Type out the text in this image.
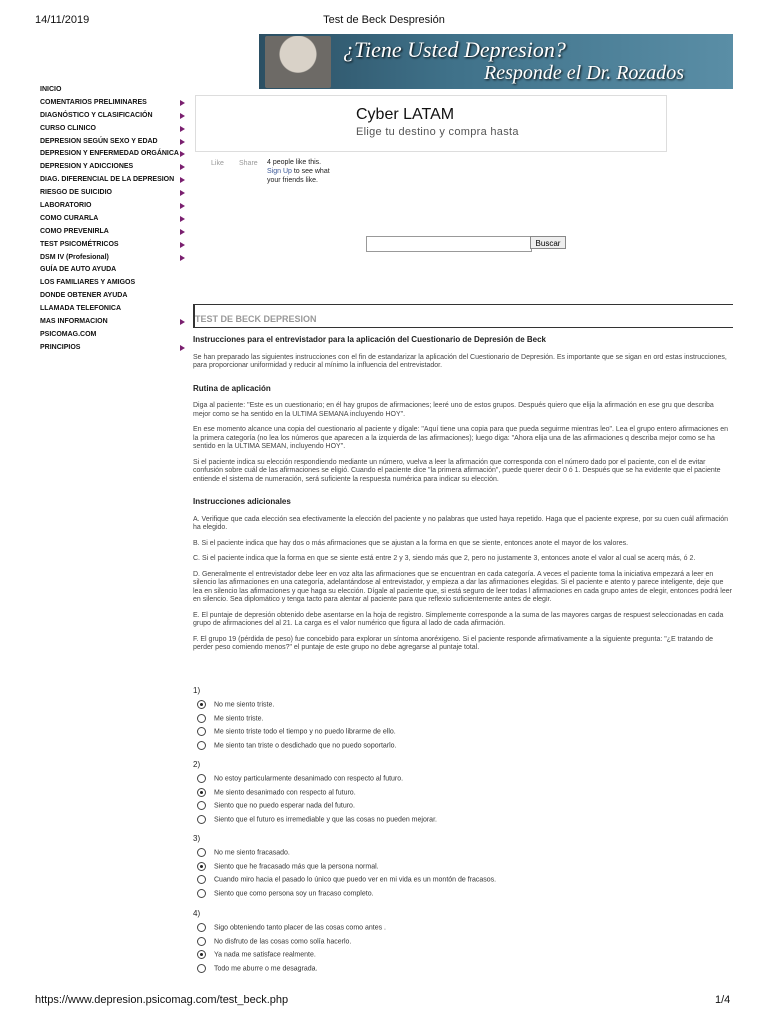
14/11/2019	Test de Beck Despresión
¿Tiene Usted Depresion?
Responde el Dr. Rozados
INICIO
COMENTARIOS PRELIMINARES
DIAGNÓSTICO Y CLASIFICACIÓN
CURSO CLINICO
DEPRESION SEGÚN SEXO Y EDAD
DEPRESION Y ENFERMEDAD ORGÁNICA
DEPRESION Y ADICCIONES
DIAG. DIFERENCIAL DE LA DEPRESION
RIESGO DE SUICIDIO
LABORATORIO
COMO CURARLA
COMO PREVENIRLA
TEST PSICOMÉTRICOS
DSM IV (Profesional)
GUÍA DE AUTO AYUDA
LOS FAMILIARES Y AMIGOS
DONDE OBTENER AYUDA
LLAMADA TELEFONICA
MAS INFORMACION
PSICOMAG.COM
PRINCIPIOS
Cyber LATAM
Elige tu destino y compra hasta
Like Share 4 people like this.
Sign Up to see what
your friends like.
Buscar
TEST DE BECK DEPRESION
Instrucciones para el entrevistador para la aplicación del Cuestionario de Depresión de Beck

Se han preparado las siguientes instrucciones con el fin de estandarizar la aplicación del Cuestionario de Depresión. Es importante que se sigan en ord estas instrucciones, para proporcionar uniformidad y reducir al mínimo la influencia del entrevistador.

Rutina de aplicación

Diga al paciente: "Este es un cuestionario; en él hay grupos de afirmaciones; leeré uno de estos grupos. Después quiero que elija la afirmación en ese gru que describa mejor como se ha sentido en la ULTIMA SEMANA incluyendo HOY".

En ese momento alcance una copia del cuestionario al paciente y dígale: "Aquí tiene una copia para que pueda seguirme mientras leo". Lea el grupo entero afirmaciones en la primera categoría (no lea los números que aparecen a la izquierda de las afirmaciones); luego diga: "Ahora elija una de las afirmaciones q describa mejor como se ha sentido en la ULTIMA SEMAN, incluyendo HOY".

Si el paciente indica su elección respondiendo mediante un número, vuelva a leer la afirmación que corresponda con el número dado por el paciente, con el de evitar confusión sobre cuál de las afirmaciones se eligió. Cuando el paciente dice "la primera afirmación", puede querer decir 0 ó 1. Después que se ha evidente que el paciente entiende el sistema de numeración, será suficiente la respuesta numérica para indicar su elección.

Instrucciones adicionales

A. Verifique que cada elección sea efectivamente la elección del paciente y no palabras que usted haya repetido. Haga que el paciente exprese, por su cuen cuál afirmación ha elegido.

B. Si el paciente indica que hay dos o más afirmaciones que se ajustan a la forma en que se siente, entonces anote el mayor de los valores.

C. Si el paciente indica que la forma en que se siente está entre 2 y 3, siendo más que 2, pero no justamente 3, entonces anote el valor al cual se acerq más, ó 2.

D. Generalmente el entrevistador debe leer en voz alta las afirmaciones que se encuentran en cada categoría. A veces el paciente toma la iniciativa empezará a leer en silencio las afirmaciones en una categoría, adelantándose al entrevistador, y empieza a dar las afirmaciones elegidas. Si el paciente e atento y parece inteligente, deje que lea en silencio las afirmaciones y que haga su elección. Dígale al paciente que, si está seguro de leer todas l afirmaciones en cada grupo antes de elegir, entonces podrá leer en silencio. Sea diplomático y tenga tacto para alentar al paciente para que reflexio suficientemente antes de elegir.

E. El puntaje de depresión obtenido debe asentarse en la hoja de registro. Simplemente corresponde a la suma de las mayores cargas de respuest seleccionadas en cada grupo de afirmaciones del al 21. La carga es el valor numérico que figura al lado de cada afirmación.

F. El grupo 19 (pérdida de peso) fue concebido para explorar un síntoma anoréxigeno. Si el paciente responde afirmativamente a la siguiente pregunta: "¿E tratando de perder peso comiendo menos?" el puntaje de este grupo no debe agregarse al puntaje total.

1)
No me siento triste.
Me siento triste.
Me siento triste todo el tiempo y no puedo librarme de ello.
Me siento tan triste o desdichado que no puedo soportarlo.
2)
No estoy particularmente desanimado con respecto al futuro.
Me siento desanimado con respecto al futuro.
Siento que no puedo esperar nada del futuro.
Siento que el futuro es irremediable y que las cosas no pueden mejorar.
3)
No me siento fracasado.
Siento que he fracasado más que la persona normal.
Cuando miro hacia el pasado lo único que puedo ver en mi vida es un montón de fracasos.
Siento que como persona soy un fracaso completo.
4)
Sigo obteniendo tanto placer de las cosas como antes .
No disfruto de las cosas como solía hacerlo.
Ya nada me satisface realmente.
Todo me aburre o me desagrada.
https://www.depresion.psicomag.com/test_beck.php	1/4
